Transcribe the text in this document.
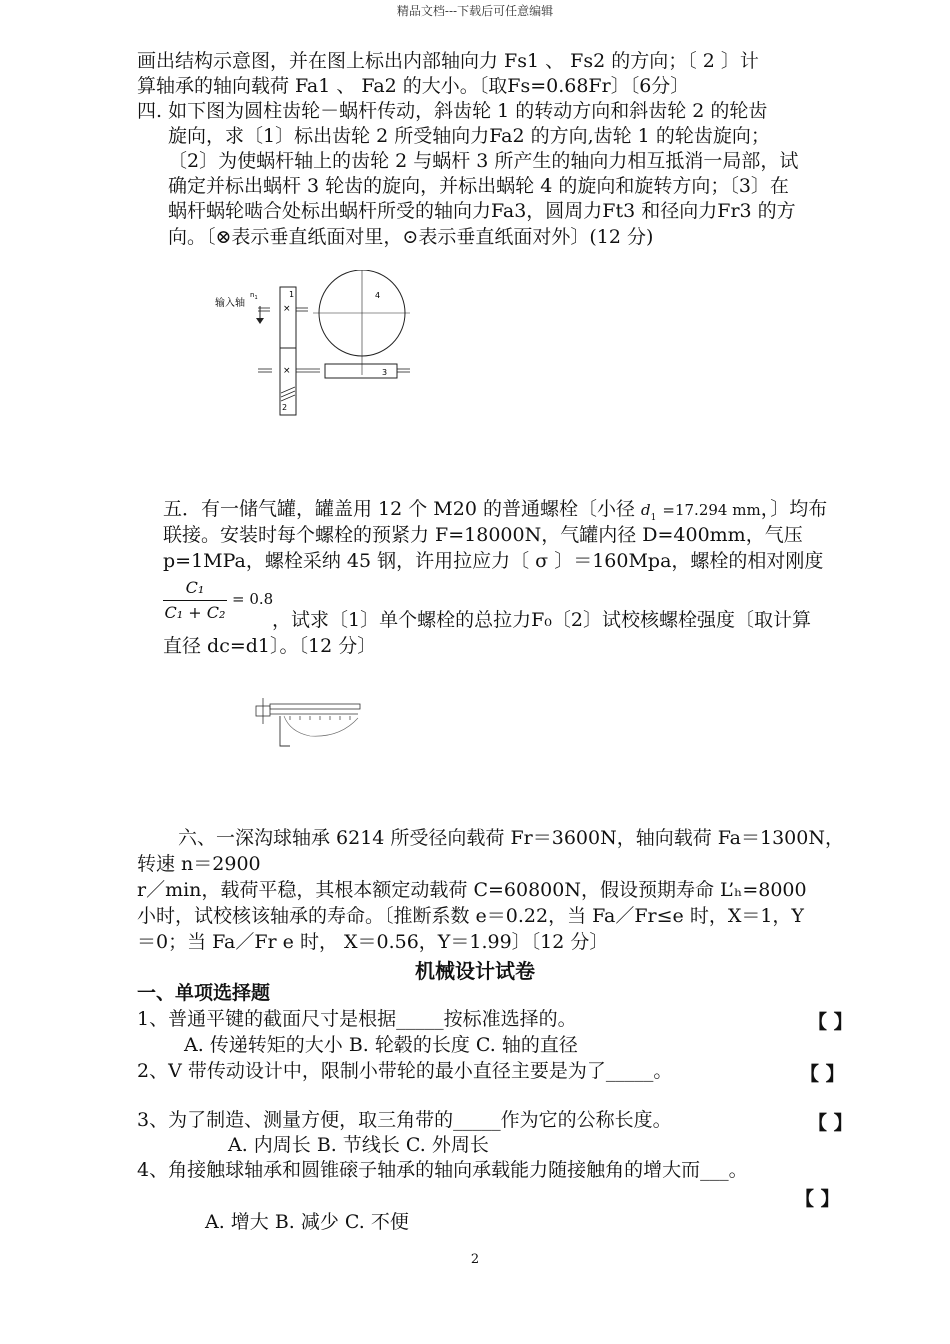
精品文档---下载后可任意编辑
画出结构示意图，并在图上标出内部轴向力 Fs1 、 Fs2 的方向；〔 2 〕计
算轴承的轴向载荷 Fa1 、 Fa2 的大小。〔取Fs=0.68Fr〕〔6分〕
四. 如下图为圆柱齿轮－蜗杆传动，斜齿轮 1 的转动方向和斜齿轮 2 的轮齿
旋向，求〔1〕标出齿轮 2 所受轴向力Fa2 的方向,齿轮 1 的轮齿旋向；
〔2〕为使蜗杆轴上的齿轮 2 与蜗杆 3 所产生的轴向力相互抵消一局部，试
确定并标出蜗杆 3 轮齿的旋向，并标出蜗轮 4 的旋向和旋转方向；〔3〕在
蜗杆蜗轮啮合处标出蜗杆所受的轴向力Fa3，圆周力Ft3 和径向力Fr3 的方
向。〔⊗表示垂直纸面对里，⊙表示垂直纸面对外〕(12 分)
输入轴
$n_1$	1
×
×
2
4
3
五．有一储气罐，罐盖用 12 个 M20 的普通螺栓〔小径 $d_1 =17.294$ mm，〕均布
联接。安装时每个螺栓的预紧力 F=18000N，气罐内径 D=400mm，气压
p=1MPa，螺栓采纳 45 钢，许用拉应力〔 σ 〕＝160Mpa，螺栓的相对刚度
C₁
C₁ + C₂
= 0.8
，试求〔1〕单个螺栓的总拉力F₀〔2〕试校核螺栓强度〔取计算
直径 dc=d1〕。〔12 分〕
六、一深沟球轴承 6214 所受径向载荷 Fr＝3600N，轴向载荷 Fa＝1300N，
转速 n＝2900
r／min，载荷平稳，其根本额定动载荷 C=60800N，假设预期寿命 L’ₕ=8000
小时，试校核该轴承的寿命。〔推断系数 e＝0.22，当 Fa／Fr≤e 时，X＝1，Y
＝0；当 Fa／Fr e 时， X＝0.56，Y＝1.99〕〔12 分〕
机械设计试卷
一、单项选择题
1、普通平键的截面尺寸是根据_____按标准选择的。	【 】
A. 传递转矩的大小 B. 轮毂的长度 C. 轴的直径
2、V 带传动设计中，限制小带轮的最小直径主要是为了_____。	【 】
3、为了制造、测量方便，取三角带的_____作为它的公称长度。	【 】
A. 内周长 B. 节线长 C. 外周长
4、角接触球轴承和圆锥磙子轴承的轴向承载能力随接触角的增大而___。
【 】
A. 增大 B. 减少 C. 不便
2
